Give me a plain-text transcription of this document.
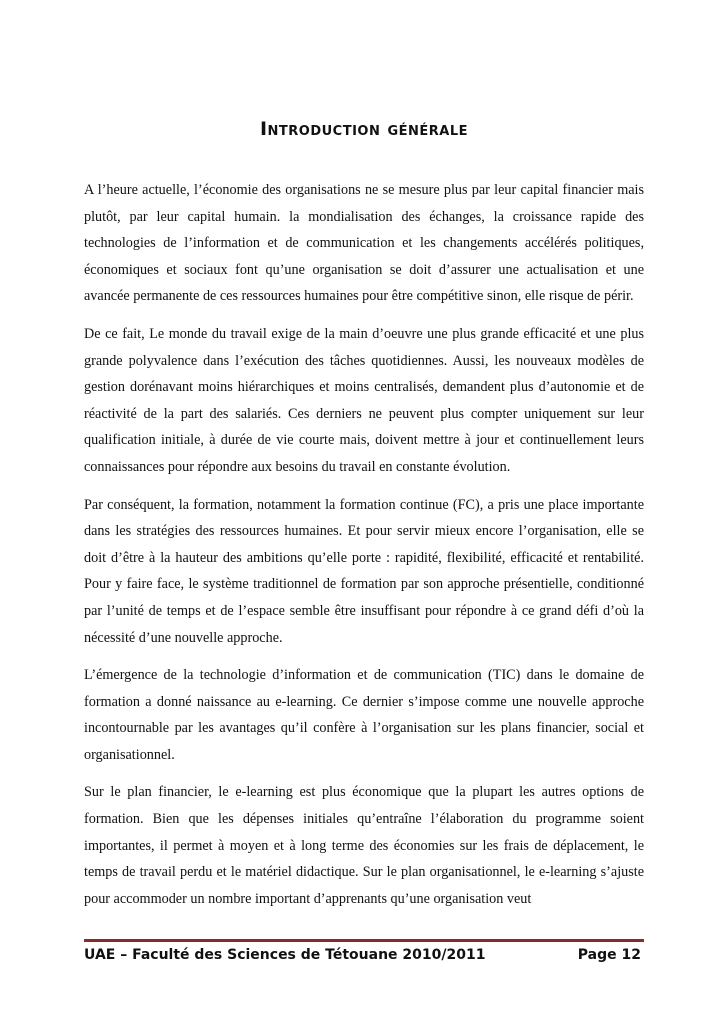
Introduction générale

A l’heure actuelle, l’économie des organisations ne se mesure plus par leur capital financier mais plutôt, par leur capital humain. la mondialisation des échanges, la croissance rapide des technologies de l’information et de communication et les changements accélérés politiques, économiques et sociaux font qu’une organisation se doit d’assurer une actualisation et une avancée permanente de ces ressources humaines pour être compétitive sinon, elle risque de périr.

De ce fait, Le monde du travail exige de la main d’oeuvre une plus grande efficacité et une plus grande polyvalence dans l’exécution des tâches quotidiennes. Aussi, les nouveaux modèles de gestion dorénavant moins hiérarchiques et moins centralisés, demandent plus d’autonomie et de réactivité de la part des salariés. Ces derniers ne peuvent plus compter uniquement sur leur qualification initiale, à durée de vie courte mais, doivent mettre à jour et continuellement leurs connaissances pour répondre aux besoins du travail en constante évolution.

Par conséquent, la formation, notamment la formation continue (FC), a pris une place importante dans les stratégies des ressources humaines. Et pour servir mieux encore l’organisation, elle se doit d’être à la hauteur des ambitions qu’elle porte : rapidité, flexibilité, efficacité et rentabilité. Pour y faire face, le système traditionnel de formation par son approche présentielle, conditionné par l’unité de temps et de l’espace semble être insuffisant pour répondre à ce grand défi d’où la nécessité d’une nouvelle approche.

L’émergence de la technologie d’information et de communication (TIC) dans le domaine de formation a donné naissance au e-learning. Ce dernier s’impose comme une nouvelle approche incontournable par les avantages qu’il confère à l’organisation sur les plans financier, social et organisationnel.

Sur le plan financier, le e-learning est plus économique que la plupart les autres options de formation. Bien que les dépenses initiales qu’entraîne l’élaboration du programme soient importantes, il permet à moyen et à long terme des économies sur les frais de déplacement, le temps de travail perdu et le matériel didactique. Sur le plan organisationnel, le e-learning s’ajuste pour accommoder un nombre important d’apprenants qu’une organisation veut

UAE – Faculté des Sciences de Tétouane 2010/2011	Page 12
